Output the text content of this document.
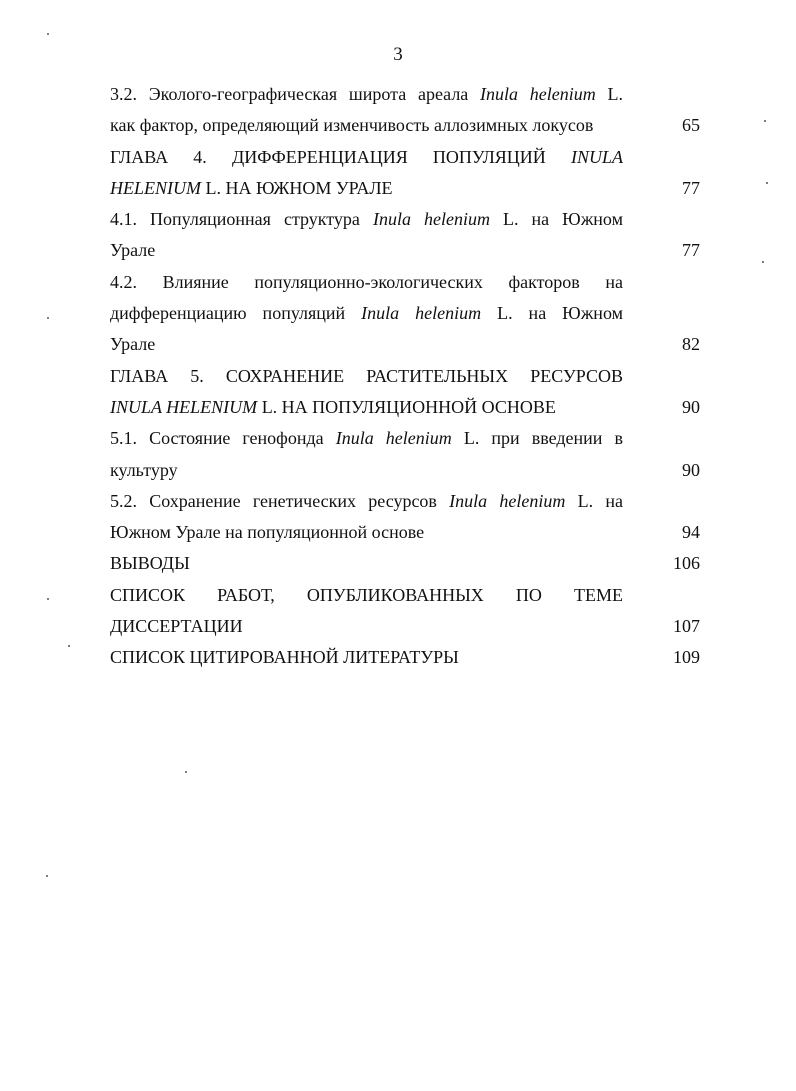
3
3.2. Эколого-географическая широта ареала Inula helenium L.
как фактор, определяющий изменчивость аллозимных локусов	65
ГЛАВА 4. ДИФФЕРЕНЦИАЦИЯ ПОПУЛЯЦИЙ INULA
HELENIUM L. НА ЮЖНОМ УРАЛЕ	77
4.1. Популяционная структура Inula helenium L. на Южном
Урале	77
4.2. Влияние популяционно-экологических факторов на
дифференциацию популяций Inula helenium L. на Южном
Урале	82
ГЛАВА 5. СОХРАНЕНИЕ РАСТИТЕЛЬНЫХ РЕСУРСОВ
INULA HELENIUM L. НА ПОПУЛЯЦИОННОЙ ОСНОВЕ	90
5.1. Состояние генофонда Inula helenium L. при введении в
культуру	90
5.2. Сохранение генетических ресурсов Inula helenium L. на
Южном Урале на популяционной основе	94
ВЫВОДЫ	106
СПИСОК РАБОТ, ОПУБЛИКОВАННЫХ ПО ТЕМЕ
ДИССЕРТАЦИИ	107
СПИСОК ЦИТИРОВАННОЙ ЛИТЕРАТУРЫ	109
